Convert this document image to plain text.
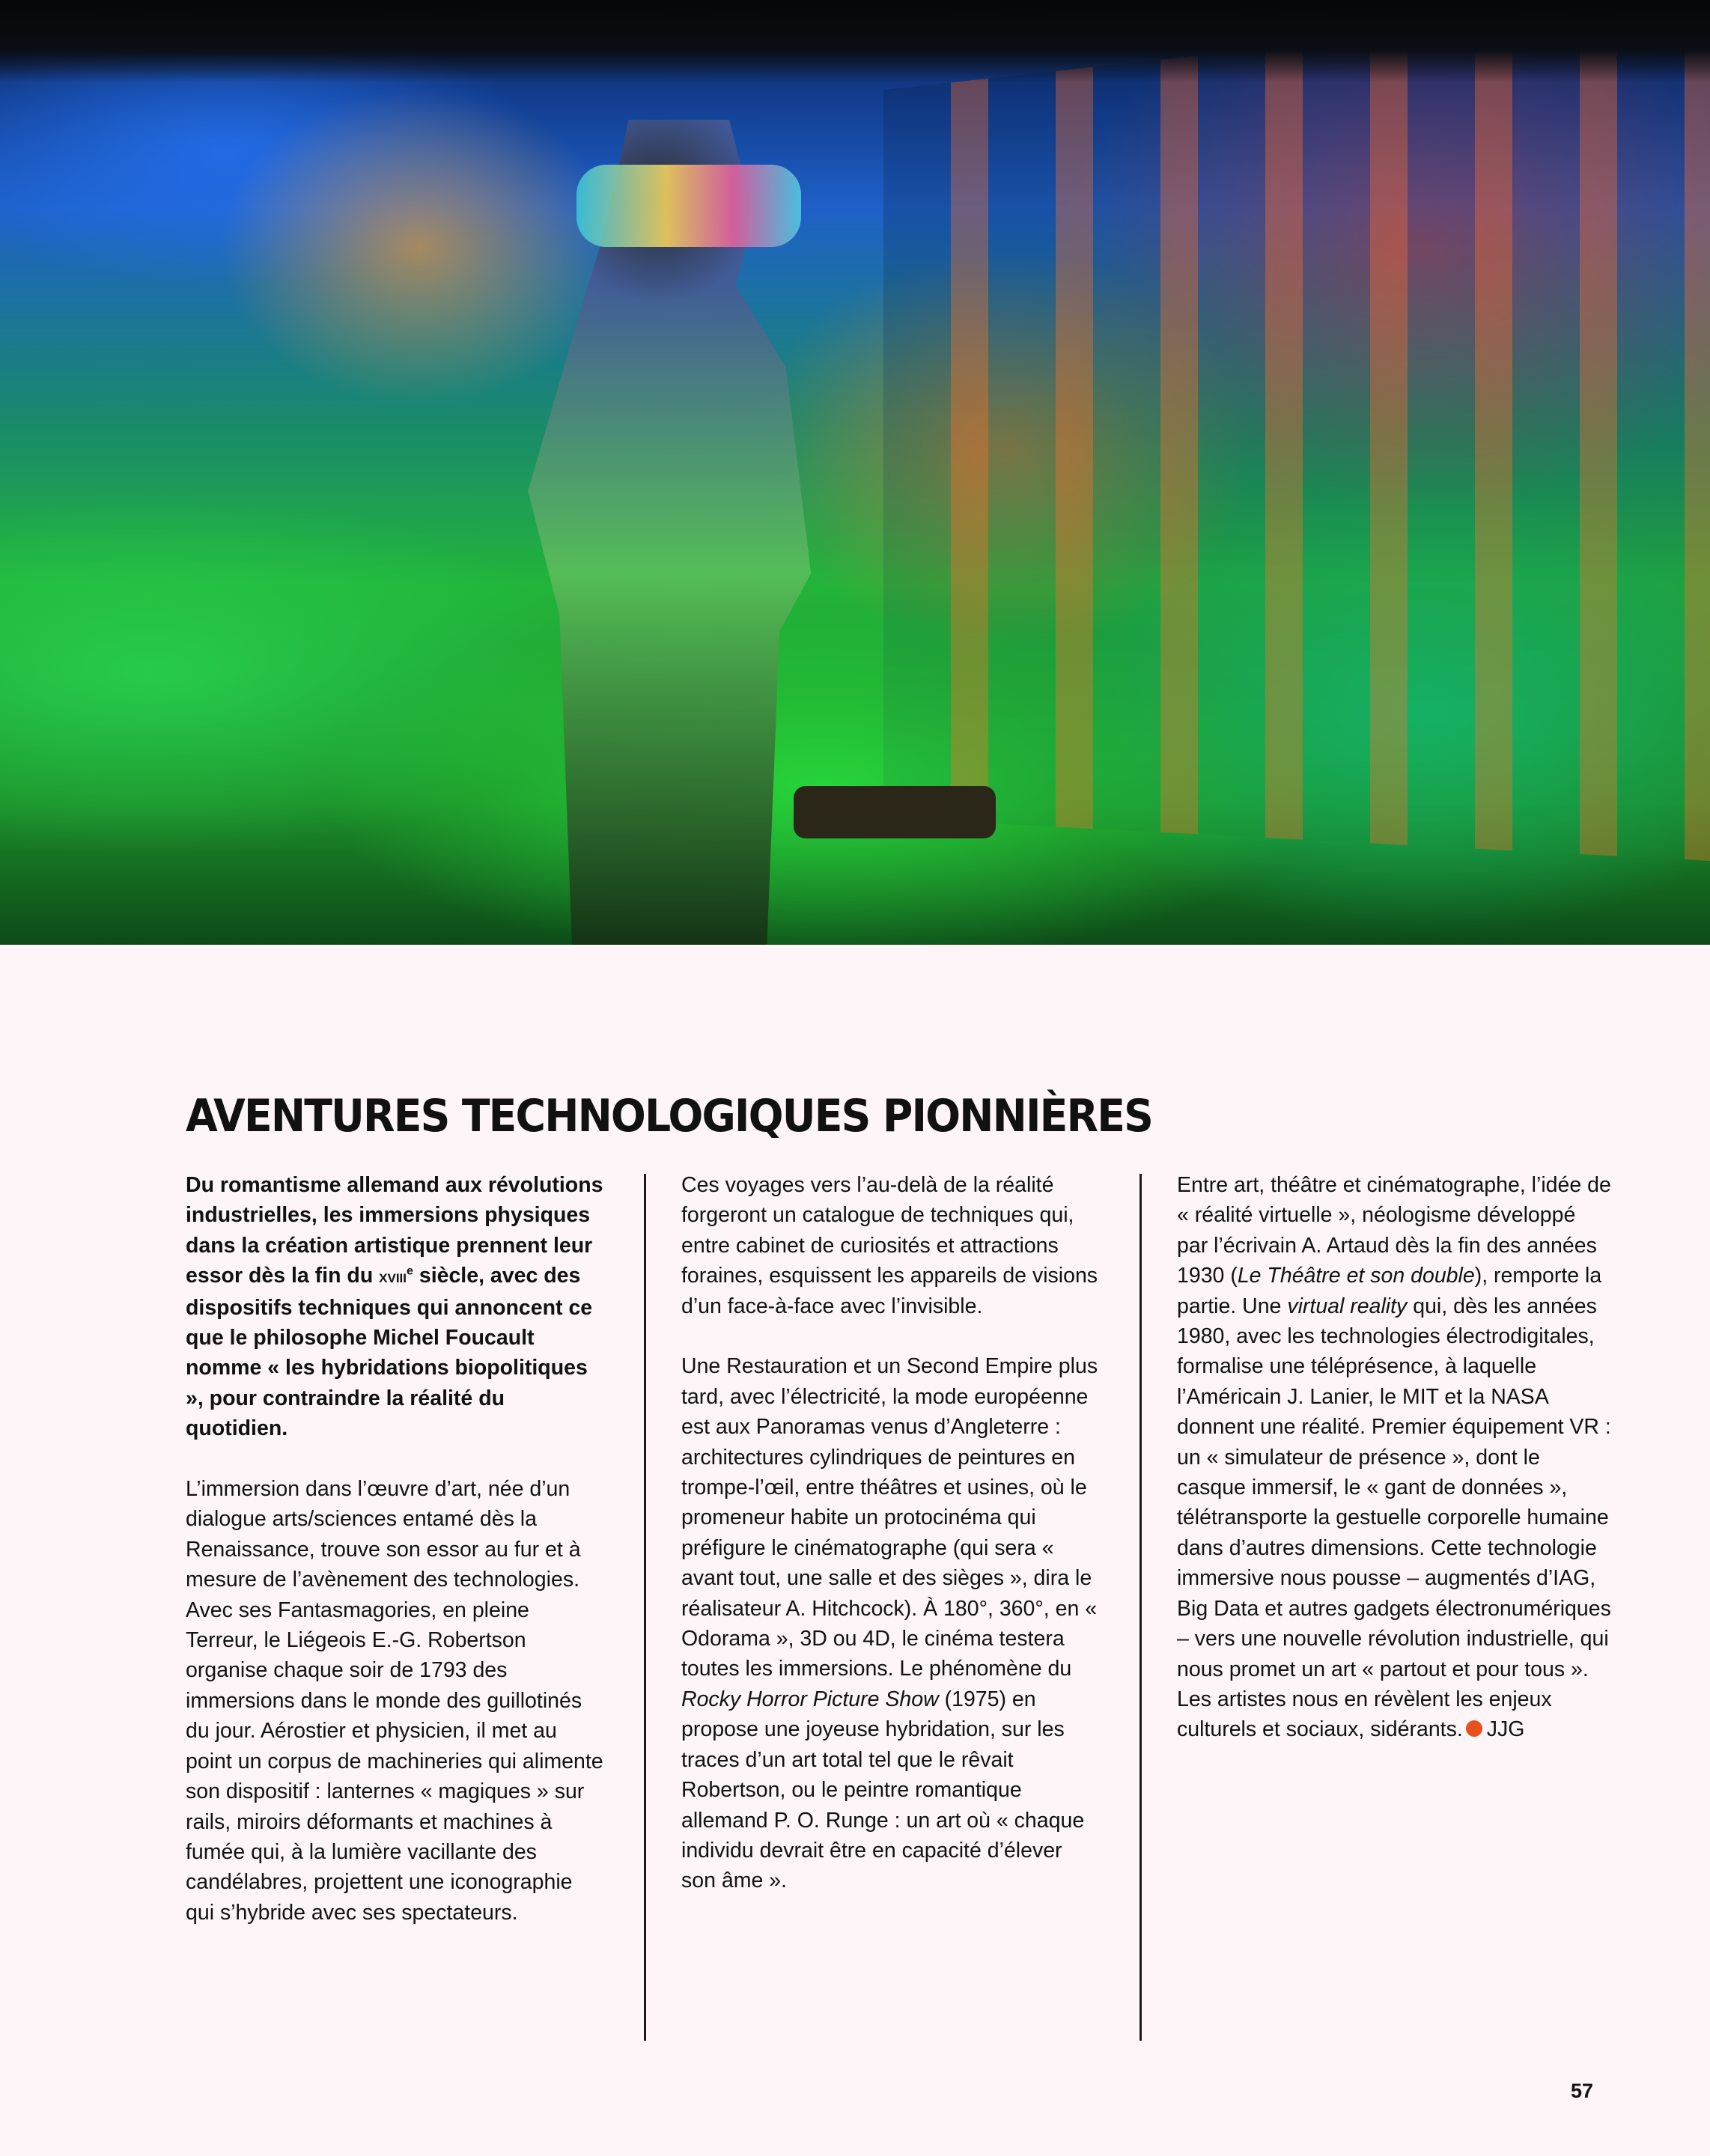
AVENTURES TECHNOLOGIQUES PIONNIÈRES

Du romantisme allemand aux révolutions industrielles, les immersions physiques dans la création artistique prennent leur essor dès la fin du xviii$^e$ siècle, avec des dispositifs techniques qui annoncent ce que le philosophe Michel Foucault nomme « les hybridations biopolitiques », pour contraindre la réalité du quotidien.

L’immersion dans l’œuvre d’art, née d’un dialogue arts/sciences entamé dès la Renaissance, trouve son essor au fur et à mesure de l’avènement des technologies. Avec ses Fantasmagories, en pleine Terreur, le Liégeois E.-G. Robertson organise chaque soir de 1793 des immersions dans le monde des guillotinés du jour. Aérostier et physicien, il met au point un corpus de machineries qui alimente son dispositif : lanternes « magiques » sur rails, miroirs déformants et machines à fumée qui, à la lumière vacillante des candélabres, projettent une iconographie qui s’hybride avec ses spectateurs.

Ces voyages vers l’au-delà de la réalité forgeront un catalogue de techniques qui, entre cabinet de curiosités et attractions foraines, esquissent les appareils de visions d’un face-à-face avec l’invisible.

Une Restauration et un Second Empire plus tard, avec l’électricité, la mode européenne est aux Panoramas venus d’Angleterre : architectures cylindriques de peintures en trompe-l’œil, entre théâtres et usines, où le promeneur habite un protocinéma qui préfigure le cinématographe (qui sera « avant tout, une salle et des sièges », dira le réalisateur A. Hitchcock). À 180°, 360°, en « Odorama », 3D ou 4D, le cinéma testera toutes les immersions. Le phénomène du Rocky Horror Picture Show (1975) en propose une joyeuse hybridation, sur les traces d’un art total tel que le rêvait Robertson, ou le peintre romantique allemand P. O. Runge : un art où « chaque individu devrait être en capacité d’élever son âme ».

Entre art, théâtre et cinématographe, l’idée de « réalité virtuelle », néologisme développé par l’écrivain A. Artaud dès la fin des années 1930 (Le Théâtre et son double), remporte la partie. Une virtual reality qui, dès les années 1980, avec les technologies électrodigitales, formalise une téléprésence, à laquelle l’Américain J. Lanier, le MIT et la NASA donnent une réalité. Premier équipement VR : un « simulateur de présence », dont le casque immersif, le « gant de données », télétransporte la gestuelle corporelle humaine dans d’autres dimensions. Cette technologie immersive nous pousse – augmentés d’IAG, Big Data et autres gadgets électronumériques – vers une nouvelle révolution industrielle, qui nous promet un art « partout et pour tous ». Les artistes nous en révèlent les enjeux culturels et sociaux, sidérants. JJG

57
